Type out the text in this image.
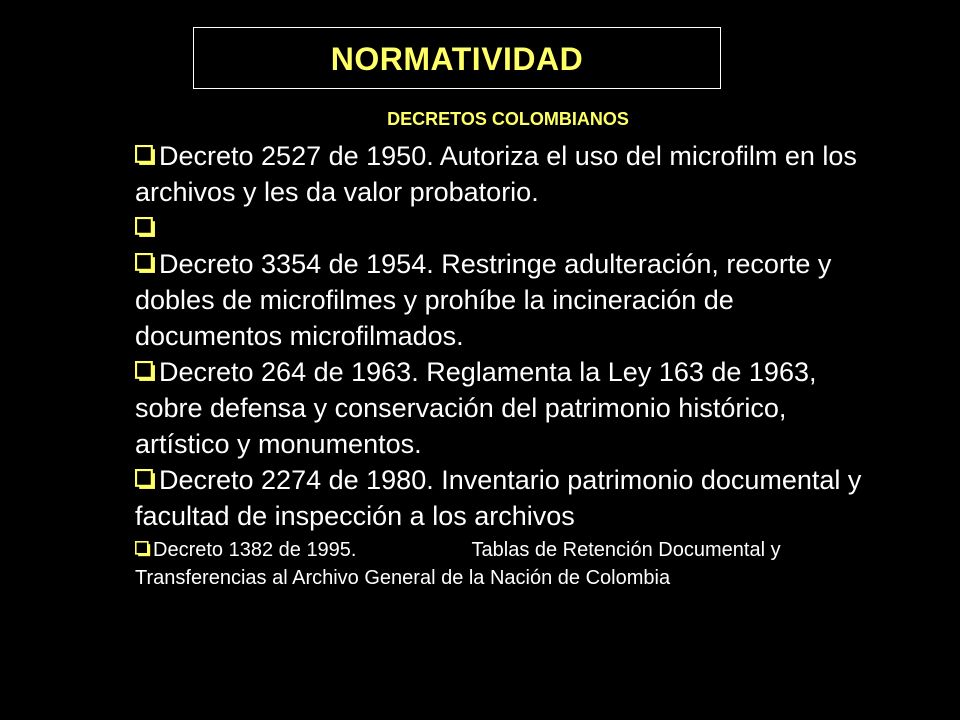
NORMATIVIDAD
DECRETOS COLOMBIANOS

Decreto 2527 de 1950. Autoriza el uso del microfilm en los archivos y les da valor probatorio.

Decreto 3354 de 1954. Restringe adulteración, recorte y dobles de microfilmes y prohíbe la incineración de documentos microfilmados.

Decreto 264 de 1963. Reglamenta la Ley 163 de 1963, sobre defensa y conservación del patrimonio histórico, artístico y monumentos.

Decreto 2274 de 1980. Inventario patrimonio documental y facultad de inspección a los archivos

Decreto 1382 de 1995.	Tablas de Retención Documental y Transferencias al Archivo General de la Nación de Colombia
